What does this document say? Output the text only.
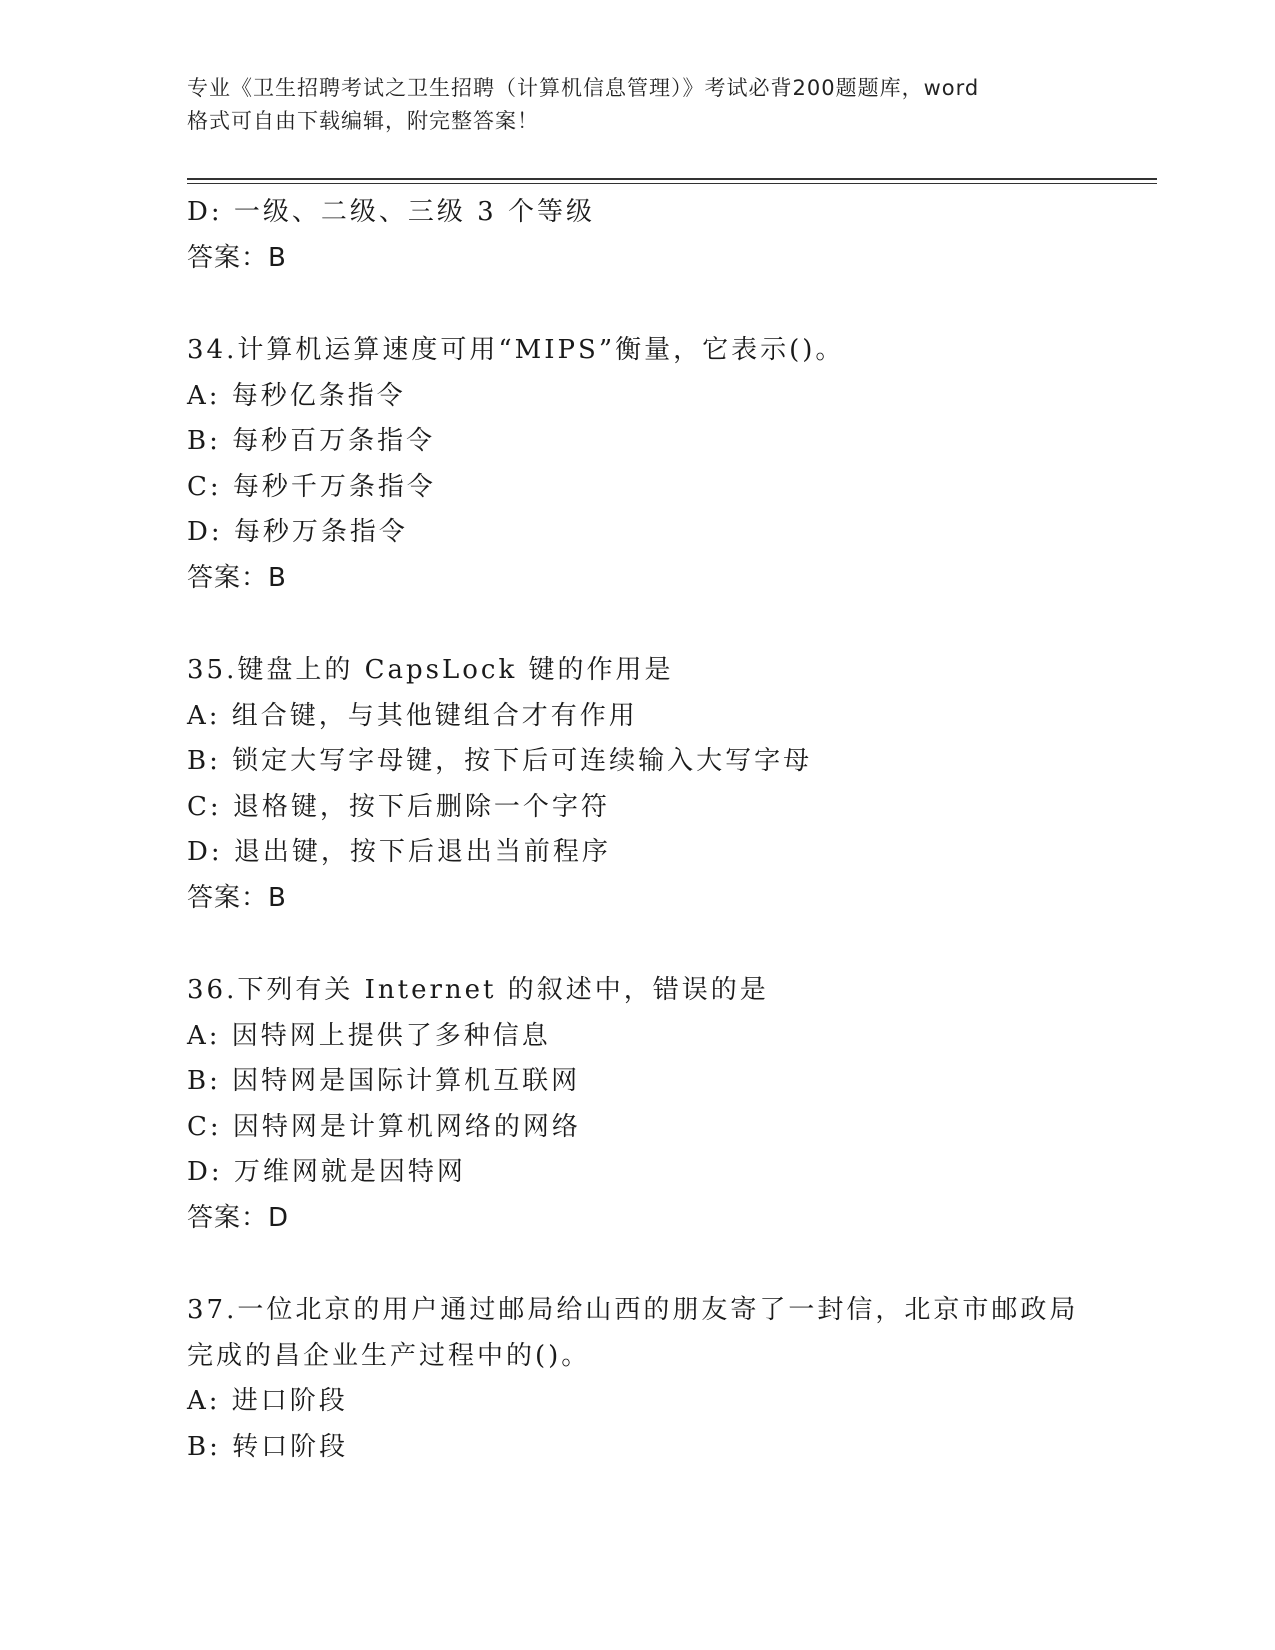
专业《卫生招聘考试之卫生招聘（计算机信息管理）》考试必背200题题库，word
格式可自由下载编辑，附完整答案！
D: 一级、二级、三级 3 个等级
答案：B
34.计算机运算速度可用“MIPS”衡量，它表示()。
A: 每秒亿条指令
B: 每秒百万条指令
C: 每秒千万条指令
D: 每秒万条指令
答案：B
35.键盘上的 CapsLock 键的作用是
A: 组合键，与其他键组合才有作用
B: 锁定大写字母键，按下后可连续输入大写字母
C: 退格键，按下后删除一个字符
D: 退出键，按下后退出当前程序
答案：B
36.下列有关 Internet 的叙述中，错误的是
A: 因特网上提供了多种信息
B: 因特网是国际计算机互联网
C: 因特网是计算机网络的网络
D: 万维网就是因特网
答案：D
37.一位北京的用户通过邮局给山西的朋友寄了一封信，北京市邮政局
完成的昌企业生产过程中的()。
A: 进口阶段
B: 转口阶段
